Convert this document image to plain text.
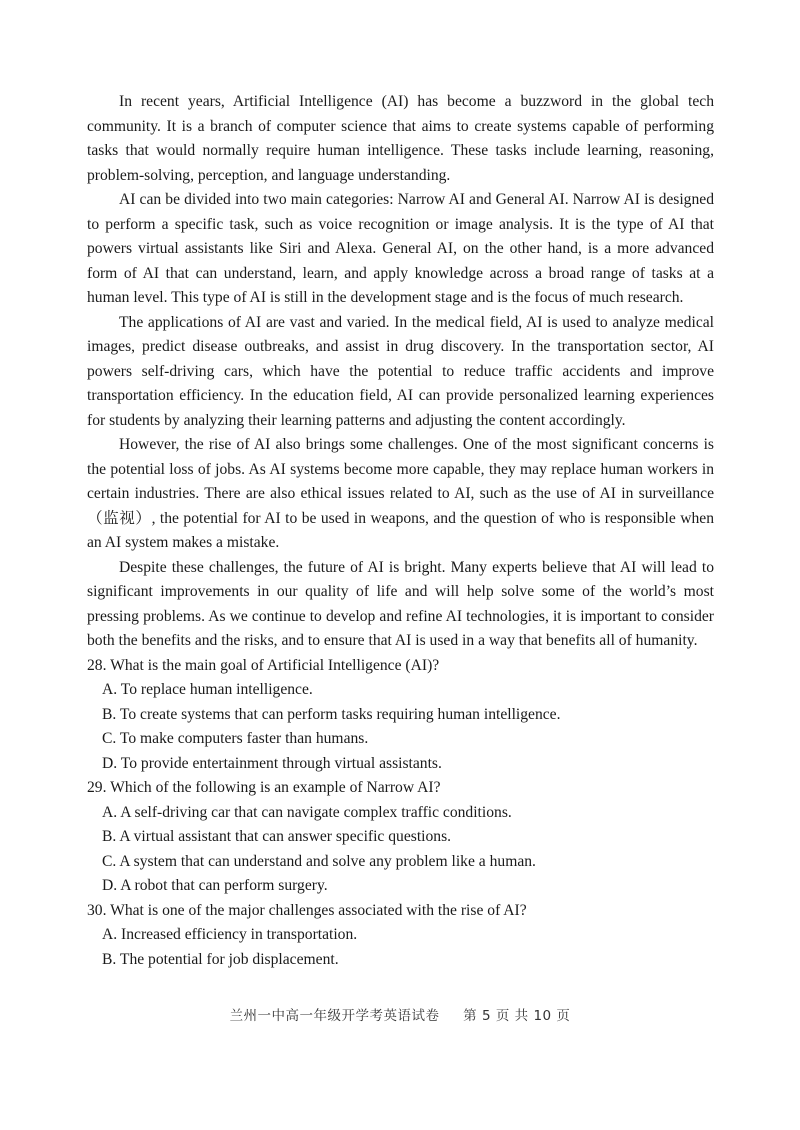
In recent years, Artificial Intelligence (AI) has become a buzzword in the global tech community. It is a branch of computer science that aims to create systems capable of performing tasks that would normally require human intelligence. These tasks include learning, reasoning, problem-solving, perception, and language understanding.

AI can be divided into two main categories: Narrow AI and General AI. Narrow AI is designed to perform a specific task, such as voice recognition or image analysis. It is the type of AI that powers virtual assistants like Siri and Alexa. General AI, on the other hand, is a more advanced form of AI that can understand, learn, and apply knowledge across a broad range of tasks at a human level. This type of AI is still in the development stage and is the focus of much research.

The applications of AI are vast and varied. In the medical field, AI is used to analyze medical images, predict disease outbreaks, and assist in drug discovery. In the transportation sector, AI powers self-driving cars, which have the potential to reduce traffic accidents and improve transportation efficiency. In the education field, AI can provide personalized learning experiences for students by analyzing their learning patterns and adjusting the content accordingly.

However, the rise of AI also brings some challenges. One of the most significant concerns is the potential loss of jobs. As AI systems become more capable, they may replace human workers in certain industries. There are also ethical issues related to AI, such as the use of AI in surveillance （监视）, the potential for AI to be used in weapons, and the question of who is responsible when an AI system makes a mistake.

Despite these challenges, the future of AI is bright. Many experts believe that AI will lead to significant improvements in our quality of life and will help solve some of the world’s most pressing problems. As we continue to develop and refine AI technologies, it is important to consider both the benefits and the risks, and to ensure that AI is used in a way that benefits all of humanity.

28. What is the main goal of Artificial Intelligence (AI)?

A. To replace human intelligence.

B. To create systems that can perform tasks requiring human intelligence.

C. To make computers faster than humans.

D. To provide entertainment through virtual assistants.

29. Which of the following is an example of Narrow AI?

A. A self-driving car that can navigate complex traffic conditions.

B. A virtual assistant that can answer specific questions.

C. A system that can understand and solve any problem like a human.

D. A robot that can perform surgery.

30. What is one of the major challenges associated with the rise of AI?

A. Increased efficiency in transportation.

B. The potential for job displacement.

兰州一中高一年级开学考英语试卷 第 5 页 共 10 页
